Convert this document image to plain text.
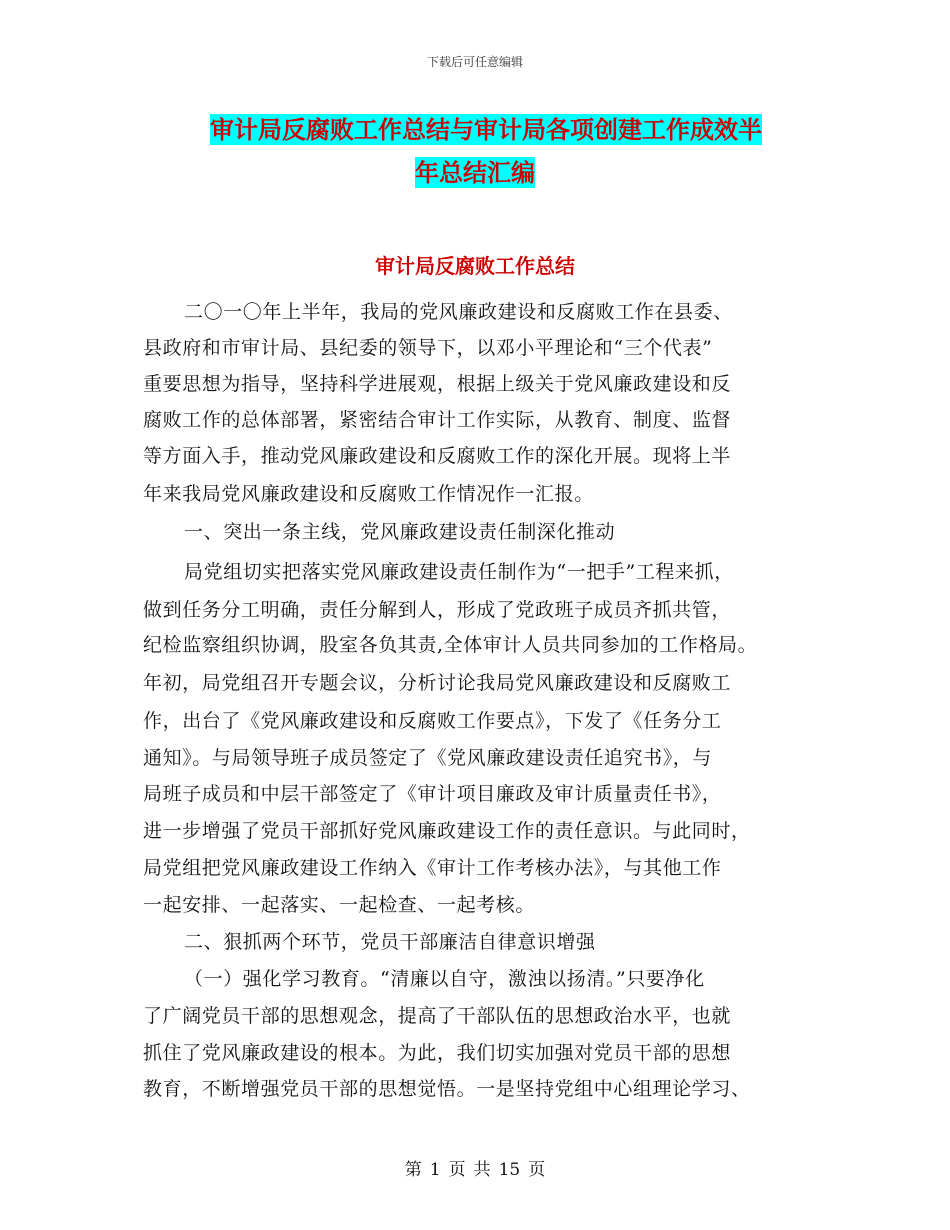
下载后可任意编辑
审计局反腐败工作总结与审计局各项创建工作成效半
年总结汇编
审计局反腐败工作总结
二〇一〇年上半年，我局的党风廉政建设和反腐败工作在县委、
县政府和市审计局、县纪委的领导下，以邓小平理论和“三个代表”
重要思想为指导，坚持科学进展观，根据上级关于党风廉政建设和反
腐败工作的总体部署，紧密结合审计工作实际，从教育、制度、监督
等方面入手，推动党风廉政建设和反腐败工作的深化开展。现将上半
年来我局党风廉政建设和反腐败工作情况作一汇报。
一、突出一条主线，党风廉政建设责任制深化推动
局党组切实把落实党风廉政建设责任制作为“一把手”工程来抓，
做到任务分工明确，责任分解到人，形成了党政班子成员齐抓共管，
纪检监察组织协调，股室各负其责,全体审计人员共同参加的工作格局。
年初，局党组召开专题会议，分析讨论我局党风廉政建设和反腐败工
作，出台了《党风廉政建设和反腐败工作要点》，下发了《任务分工
通知》。与局领导班子成员签定了《党风廉政建设责任追究书》，与
局班子成员和中层干部签定了《审计项目廉政及审计质量责任书》，
进一步增强了党员干部抓好党风廉政建设工作的责任意识。与此同时，
局党组把党风廉政建设工作纳入《审计工作考核办法》，与其他工作
一起安排、一起落实、一起检查、一起考核。
二、狠抓两个环节，党员干部廉洁自律意识增强
（一）强化学习教育。“清廉以自守，激浊以扬清。”只要净化
了广阔党员干部的思想观念，提高了干部队伍的思想政治水平，也就
抓住了党风廉政建设的根本。为此，我们切实加强对党员干部的思想
教育，不断增强党员干部的思想觉悟。一是坚持党组中心组理论学习、
第 1 页 共 15 页
